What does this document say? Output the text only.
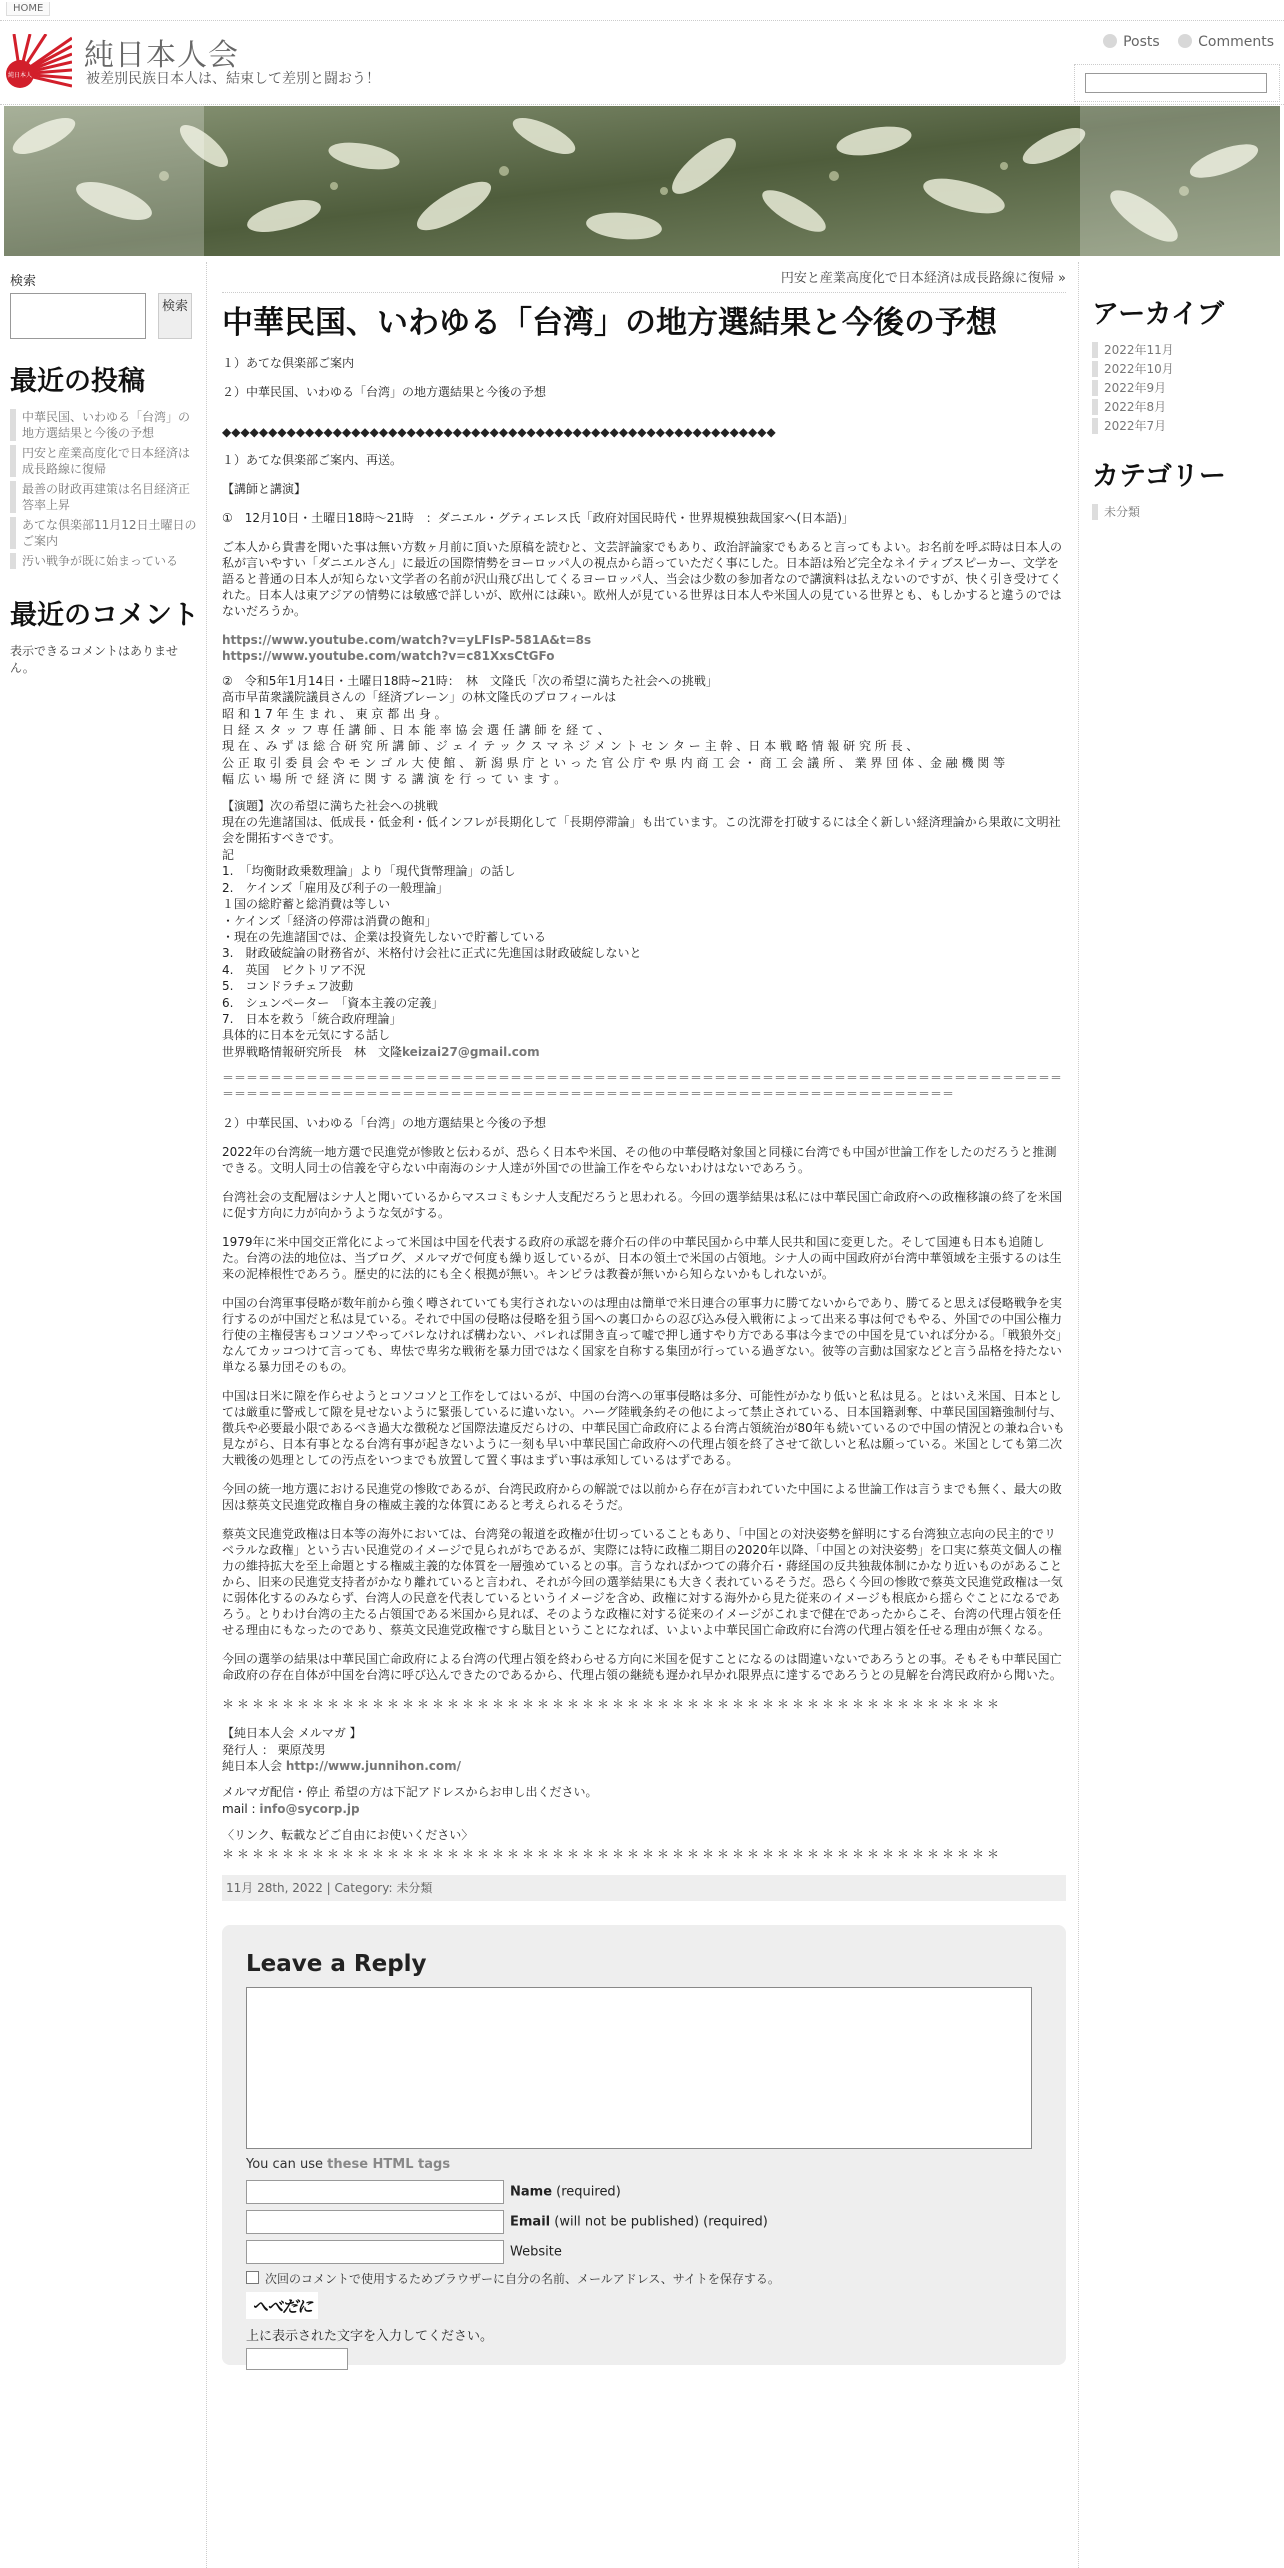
HOME
純日本人
純日本人会
被差別民族日本人は、結束して差別と闘おう！
Posts	Comments
検索
検索
最近の投稿
中華民国、いわゆる「台湾」の地方選結果と今後の予想
円安と産業高度化で日本経済は成長路線に復帰
最善の財政再建策は名目経済正答率上昇
あてな倶楽部11月12日土曜日のご案内
汚い戦争が既に始まっている
最近のコメント

表示できるコメントはありません。

アーカイブ
2022年11月
2022年10月
2022年9月
2022年8月
2022年7月
カテゴリー
未分類
円安と産業高度化で日本経済は成長路線に復帰 »
中華民国、いわゆる「台湾」の地方選結果と今後の予想

１）あてな倶楽部ご案内

２）中華民国、いわゆる「台湾」の地方選結果と今後の予想

◆◆◆◆◆◆◆◆◆◆◆◆◆◆◆◆◆◆◆◆◆◆◆◆◆◆◆◆◆◆◆◆◆◆◆◆◆◆◆◆◆◆◆◆◆◆◆◆◆◆◆◆◆◆◆◆◆◆◆◆

１）あてな倶楽部ご案内、再送。

【講師と講演】

①　12月10日・土曜日18時～21時　：ダニエル・グティエレス氏「政府対国民時代・世界規模独裁国家へ(日本語)」

ご本人から貴書を聞いた事は無い方数ヶ月前に頂いた原稿を読むと、文芸評論家でもあり、政治評論家でもあると言ってもよい。お名前を呼ぶ時は日本人の私が言いやすい「ダニエルさん」に最近の国際情勢をヨーロッパ人の視点から語っていただく事にした。日本語は殆ど完全なネイティブスピーカー、文学を語ると普通の日本人が知らない文学者の名前が沢山飛び出してくるヨーロッパ人、当会は少数の参加者なので講演料は払えないのですが、快く引き受けてくれた。日本人は東アジアの情勢には敏感で詳しいが、欧州には疎い。欧州人が見ている世界は日本人や米国人の見ている世界とも、もしかすると違うのではないだろうか。

https://www.youtube.com/watch?v=yLFIsP-581A&t=8s
https://www.youtube.com/watch?v=c81XxsCtGFo
②　令和5年1月14日・土曜日18時~21時：　林　文隆氏「次の希望に満ちた社会への挑戦」
高市早苗衆議院議員さんの「経済ブレーン」の林文隆氏のプロフィールは
昭 和 1 7 年 生 ま れ 、 東 京 都 出 身 。
日 経 ス タ ッ フ 専 任 講 師 、日 本 能 率 協 会 選 任 講 師 を 経 て 、
現 在 、み ず ほ 総 合 研 究 所 講 師 、ジ ェ イ テ ッ ク ス マ ネ ジ メ ン ト セ ン タ ー 主 幹 、日 本 戦 略 情 報 研 究 所 長 、
公 正 取 引 委 員 会 や モ ン ゴ ル 大 使 館 、 新 潟 県 庁 と い っ た 官 公 庁 や 県 内 商 工 会 ・ 商 工 会 議 所 、 業 界 団 体 、金 融 機 関 等
幅 広 い 場 所 で 経 済 に 関 す る 講 演 を 行 っ て い ま す 。
【演題】次の希望に満ちた社会への挑戦
現在の先進諸国は、低成長・低金利・低インフレが長期化して「長期停滞論」も出ています。この沈滞を打破するには全く新しい経済理論から果敢に文明社会を開拓すべきです。
記
1.　「均衡財政乗数理論」より「現代貨幣理論」の話し
2.　ケインズ「雇用及び利子の一般理論」
１国の総貯蓄と総消費は等しい
・ケインズ「経済の停滞は消費の飽和」
・現在の先進諸国では、企業は投資先しないで貯蓄している
3.　財政破綻論の財務省が、米格付け会社に正式に先進国は財政破綻しないと
4.　英国　ビクトリア不況
5.　コンドラチェフ波動
6.　シュンペーター　「資本主義の定義」
7.　日本を救う「統合政府理論」
具体的に日本を元気にする話し
世界戦略情報研究所長　林　文隆keizai27@gmail.com

＝＝＝＝＝＝＝＝＝＝＝＝＝＝＝＝＝＝＝＝＝＝＝＝＝＝＝＝＝＝＝＝＝＝＝＝＝＝＝＝＝＝＝＝＝＝＝＝＝＝＝＝＝＝＝＝＝＝＝＝＝＝＝＝＝＝＝＝＝＝＝＝＝＝＝＝＝＝＝＝＝＝＝＝＝＝＝＝＝＝＝＝＝＝＝＝＝＝＝＝＝＝＝＝＝＝＝＝＝＝＝＝＝＝＝＝＝＝＝＝＝＝＝＝＝＝＝＝＝＝＝

２）中華民国、いわゆる「台湾」の地方選結果と今後の予想

2022年の台湾統一地方選で民進党が惨敗と伝わるが、恐らく日本や米国、その他の中華侵略対象国と同様に台湾でも中国が世論工作をしたのだろうと推測できる。文明人同士の信義を守らない中南海のシナ人達が外国での世論工作をやらないわけはないであろう。

台湾社会の支配層はシナ人と聞いているからマスコミもシナ人支配だろうと思われる。今回の選挙結果は私には中華民国亡命政府への政権移譲の終了を米国に促す方向に力が向かうような気がする。

1979年に米中国交正常化によって米国は中国を代表する政府の承認を蔣介石の伴の中華民国から中華人民共和国に変更した。そして国連も日本も追随した。台湾の法的地位は、当ブログ、メルマガで何度も繰り返しているが、日本の領土で米国の占領地。シナ人の両中国政府が台湾中華領域を主張するのは生来の泥棒根性であろう。歴史的に法的にも全く根拠が無い。キンピラは教養が無いから知らないかもしれないが。

中国の台湾軍事侵略が数年前から強く噂されていても実行されないのは理由は簡単で米日連合の軍事力に勝てないからであり、勝てると思えば侵略戦争を実行するのが中国だと私は見ている。それで中国の侵略は侵略を狙う国への裏口からの忍び込み侵入戦術によって出来る事は何でもやる、外国での中国公権力行使の主権侵害もコソコソやってバレなければ構わない、バレれば開き直って嘘で押し通すやり方である事は今までの中国を見ていれば分かる。「戦狼外交」なんてカッコつけて言っても、卑怯で卑劣な戦術を暴力団ではなく国家を自称する集団が行っている過ぎない。彼等の言動は国家などと言う品格を持たない単なる暴力団そのもの。

中国は日米に隙を作らせようとコソコソと工作をしてはいるが、中国の台湾への軍事侵略は多分、可能性がかなり低いと私は見る。とはいえ米国、日本としては厳重に警戒して隙を見せないように緊張しているに違いない。ハーグ陸戦条約その他によって禁止されている、日本国籍剥奪、中華民国国籍強制付与、徴兵や必要最小限であるべき過大な徴税など国際法違反だらけの、中華民国亡命政府による台湾占領統治が80年も続いているので中国の情況との兼ね合いも見ながら、日本有事となる台湾有事が起きないように一刻も早い中華民国亡命政府への代理占領を終了させて欲しいと私は願っている。米国としても第二次大戦後の処理としての汚点をいつまでも放置して置く事はまずい事は承知しているはずである。

今回の統一地方選における民進党の惨敗であるが、台湾民政府からの解説では以前から存在が言われていた中国による世論工作は言うまでも無く、最大の敗因は蔡英文民進党政権自身の権威主義的な体質にあると考えられるそうだ。

蔡英文民進党政権は日本等の海外においては、台湾発の報道を政権が仕切っていることもあり、「中国との対決姿勢を鮮明にする台湾独立志向の民主的でリベラルな政権」という古い民進党のイメージで見られがちであるが、実際には特に政権二期目の2020年以降、「中国との対決姿勢」を口実に蔡英文個人の権力の維持拡大を至上命題とする権威主義的な体質を一層強めているとの事。言うなればかつての蔣介石・蔣経国の反共独裁体制にかなり近いものがあることから、旧来の民進党支持者がかなり離れていると言われ、それが今回の選挙結果にも大きく表れているそうだ。恐らく今回の惨敗で蔡英文民進党政権は一気に弱体化するのみならず、台湾人の民意を代表しているというイメージを含め、政権に対する海外から見た従来のイメージも根底から揺らぐことになるであろう。とりわけ台湾の主たる占領国である米国から見れば、そのような政権に対する従来のイメージがこれまで健在であったからこそ、台湾の代理占領を任せる理由にもなったのであり、蔡英文民進党政権ですら駄目ということになれば、いよいよ中華民国亡命政府に台湾の代理占領を任せる理由が無くなる。

今回の選挙の結果は中華民国亡命政府による台湾の代理占領を終わらせる方向に米国を促すことになるのは間違いないであろうとの事。そもそも中華民国亡命政府の存在自体が中国を台湾に呼び込んできたのであるから、代理占領の継続も遅かれ早かれ限界点に達するであろうとの見解を台湾民政府から聞いた。

＊＊＊＊＊＊＊＊＊＊＊＊＊＊＊＊＊＊＊＊＊＊＊＊＊＊＊＊＊＊＊＊＊＊＊＊＊＊＊＊＊＊＊＊＊＊＊＊＊＊＊＊

【純日本人会 メルマガ 】
発行人 ： 栗原茂男
純日本人会 http://www.junnihon.com/
メルマガ配信・停止 希望の方は下記アドレスからお申し出ください。
mail : info@sycorp.jp
〈リンク、転載などご自由にお使いください〉

＊＊＊＊＊＊＊＊＊＊＊＊＊＊＊＊＊＊＊＊＊＊＊＊＊＊＊＊＊＊＊＊＊＊＊＊＊＊＊＊＊＊＊＊＊＊＊＊＊＊＊＊

11月 28th, 2022 | Category: 未分類
Leave a Reply
You can use these HTML tags
Name (required)
Email (will not be published) (required)
Website
次回のコメントで使用するためブラウザーに自分の名前、メールアドレス、サイトを保存する。
へべだに
上に表示された文字を入力してください。
